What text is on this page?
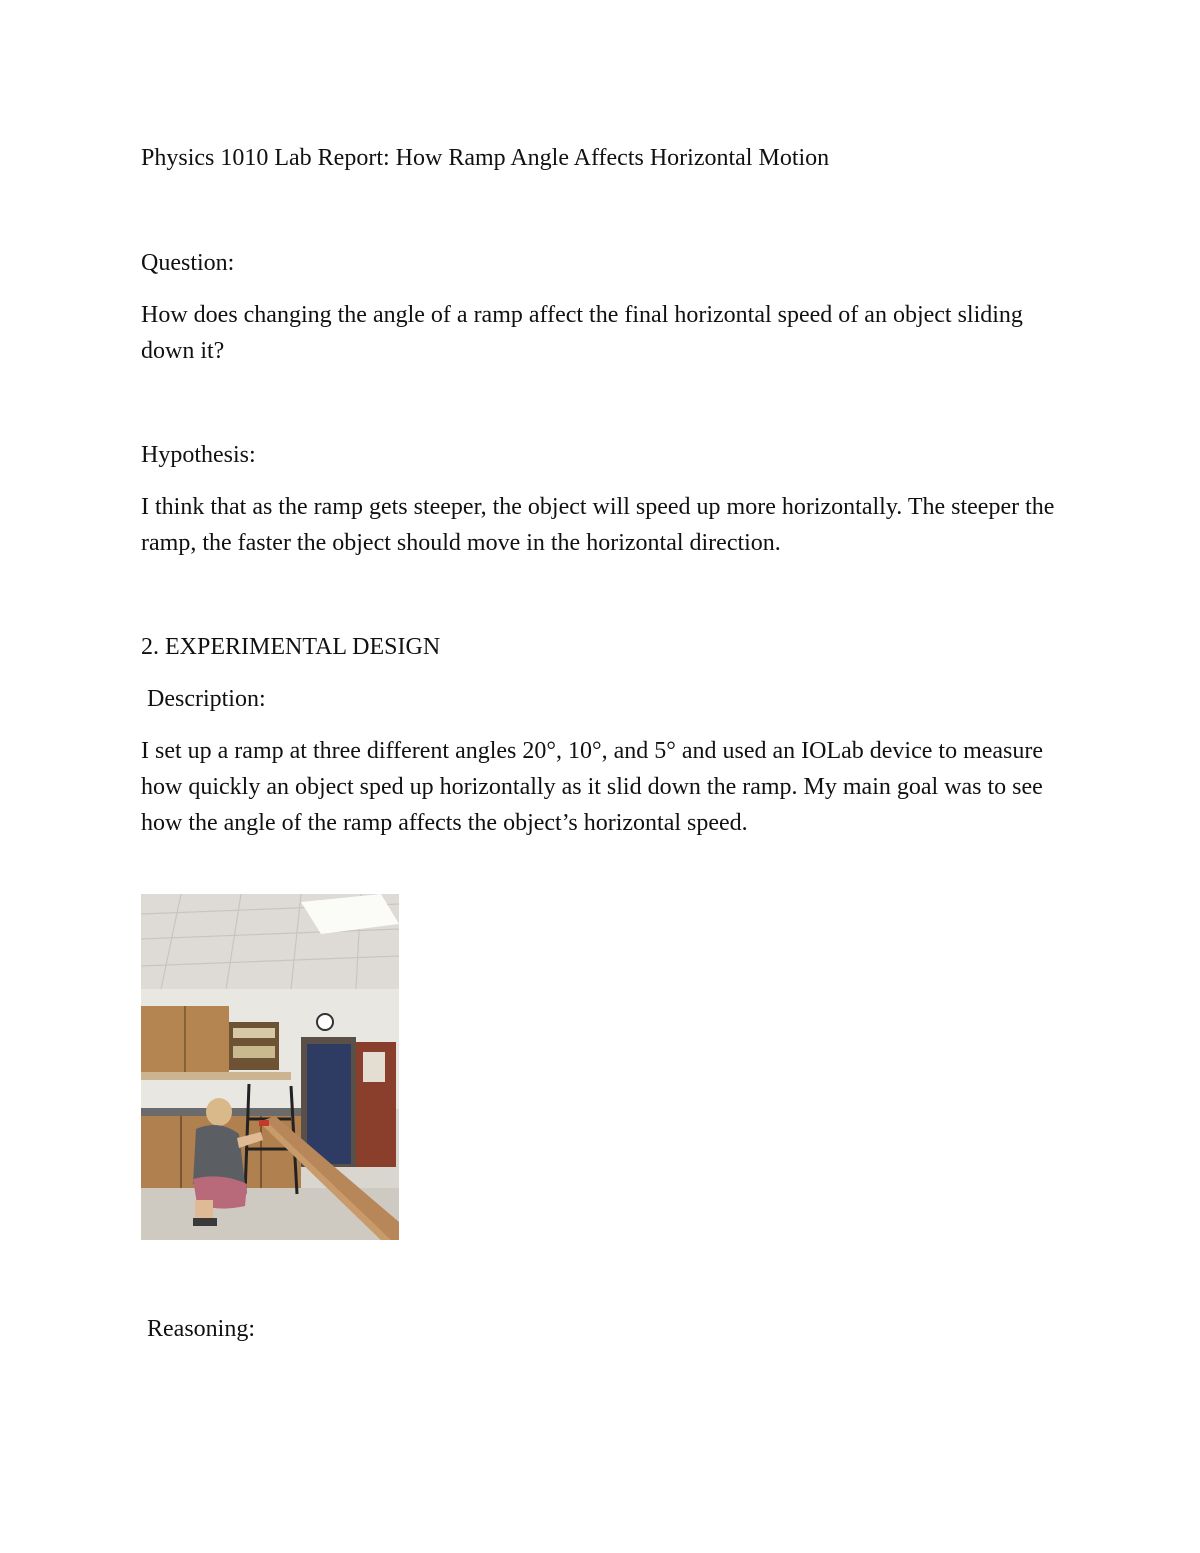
Physics 1010 Lab Report: How Ramp Angle Affects Horizontal Motion

Question:

How does changing the angle of a ramp affect the final horizontal speed of an object sliding down it?

Hypothesis:

I think that as the ramp gets steeper, the object will speed up more horizontally. The steeper the ramp, the faster the object should move in the horizontal direction.

2. EXPERIMENTAL DESIGN

Description:

I set up a ramp at three different angles 20°, 10°, and 5° and used an IOLab device to measure how quickly an object sped up horizontally as it slid down the ramp. My main goal was to see how the angle of the ramp affects the object’s horizontal speed.

Reasoning:
